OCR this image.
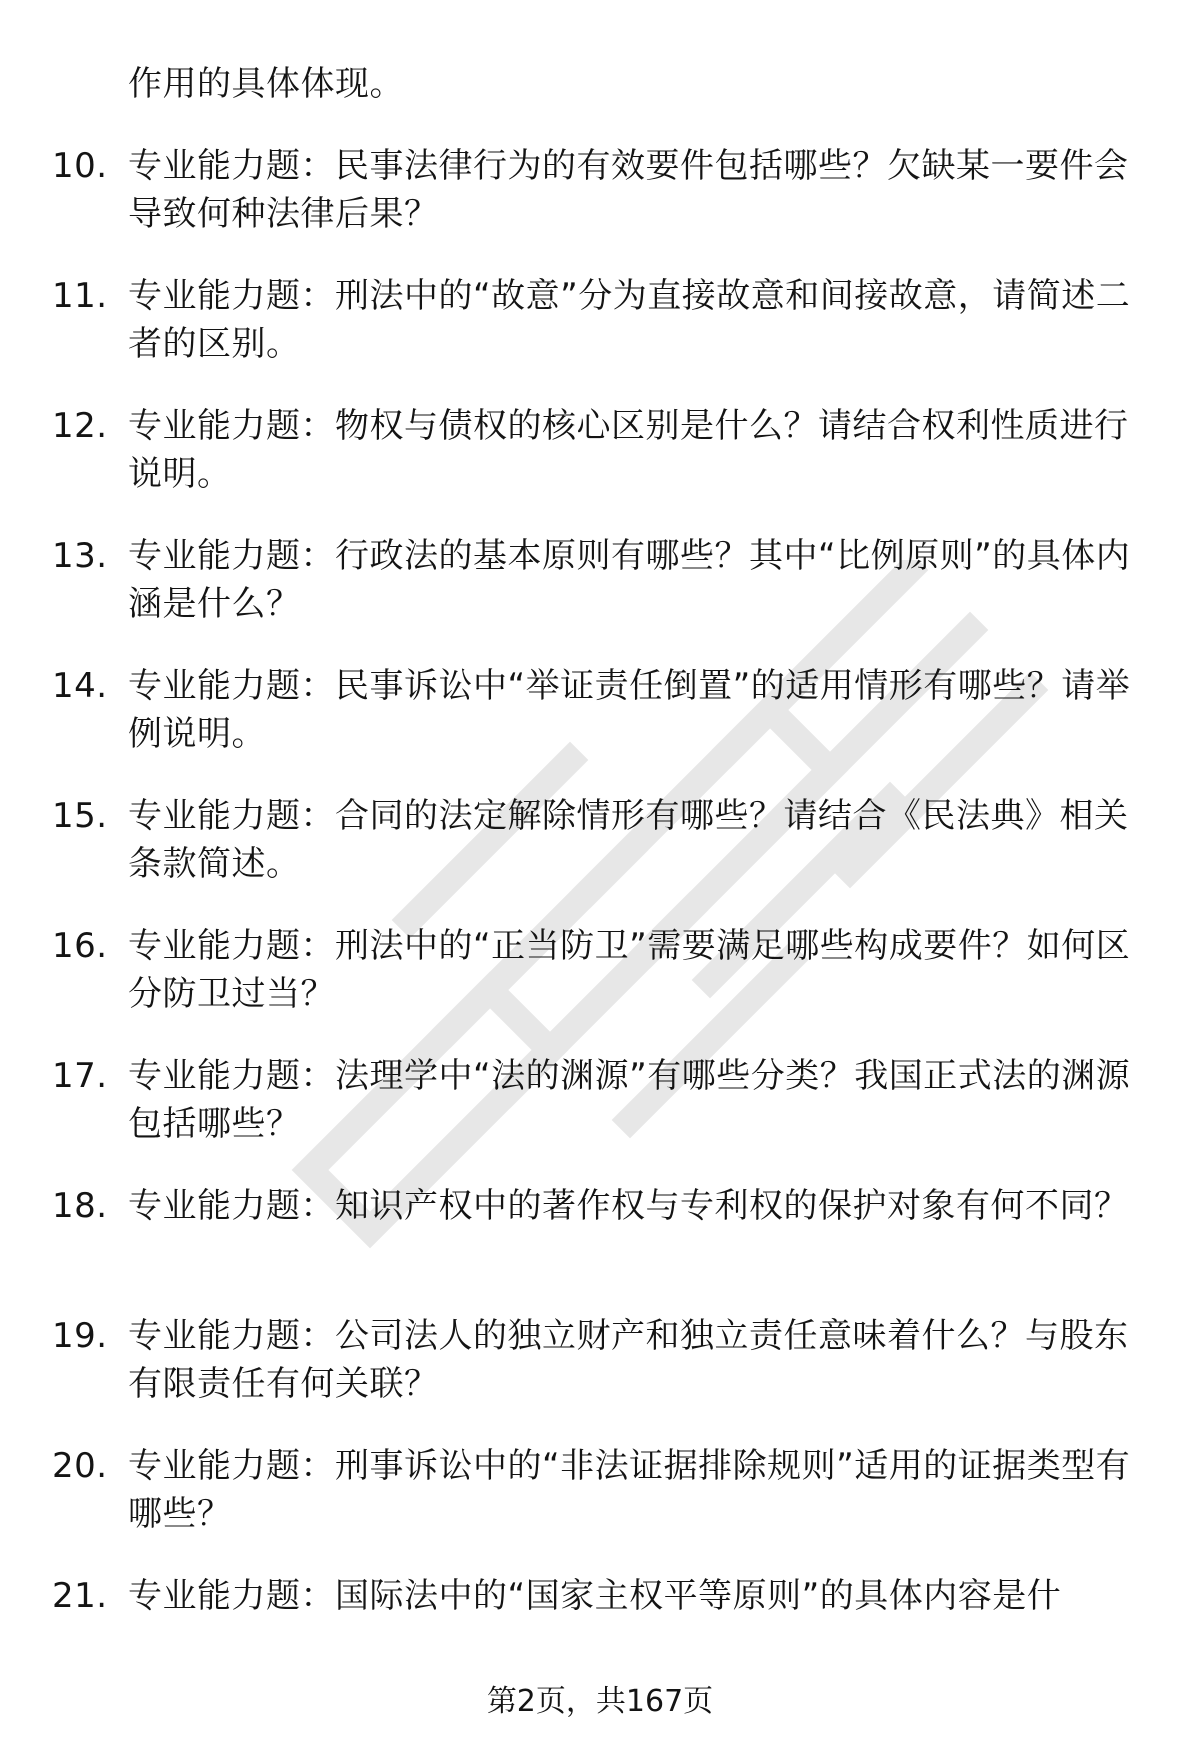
作用的具体体现。
10. 专业能力题：民事法律行为的有效要件包括哪些？欠缺某一要件会导致何种法律后果？
11. 专业能力题：刑法中的“故意”分为直接故意和间接故意，请简述二者的区别。
12. 专业能力题：物权与债权的核心区别是什么？请结合权利性质进行说明。
13. 专业能力题：行政法的基本原则有哪些？其中“比例原则”的具体内涵是什么？
14. 专业能力题：民事诉讼中“举证责任倒置”的适用情形有哪些？请举例说明。
15. 专业能力题：合同的法定解除情形有哪些？请结合《民法典》相关条款简述。
16. 专业能力题：刑法中的“正当防卫”需要满足哪些构成要件？如何区分防卫过当？
17. 专业能力题：法理学中“法的渊源”有哪些分类？我国正式法的渊源包括哪些？
18. 专业能力题：知识产权中的著作权与专利权的保护对象有何不同？
19. 专业能力题：公司法人的独立财产和独立责任意味着什么？与股东有限责任有何关联？
20. 专业能力题：刑事诉讼中的“非法证据排除规则”适用的证据类型有哪些？
21. 专业能力题：国际法中的“国家主权平等原则”的具体内容是什
第2页，共167页
